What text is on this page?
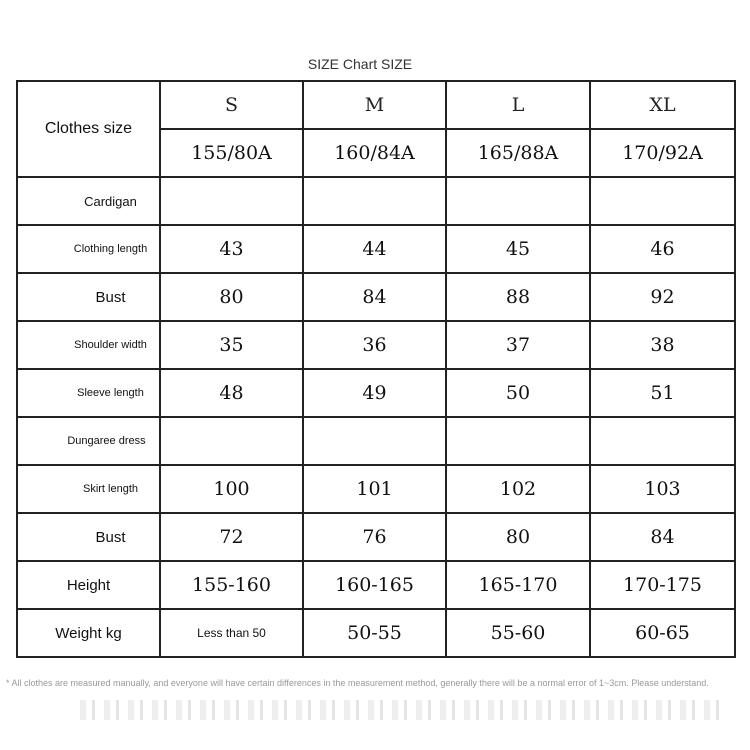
SIZE Chart SIZE
Clothes size	S	M	L	XL
	155/80A	160/84A	165/88A	170/92A
Cardigan				
Clothing length	43	44	45	46
Bust	80	84	88	92
Shoulder width	35	36	37	38
Sleeve length	48	49	50	51
Dungaree dress				
Skirt length	100	101	102	103
Bust	72	76	80	84
Height	155-160	160-165	165-170	170-175
Weight kg	Less than 50	50-55	55-60	60-65
* All clothes are measured manually, and everyone will have certain differences in the measurement method, generally there will be a normal error of 1~3cm. Please understand.
